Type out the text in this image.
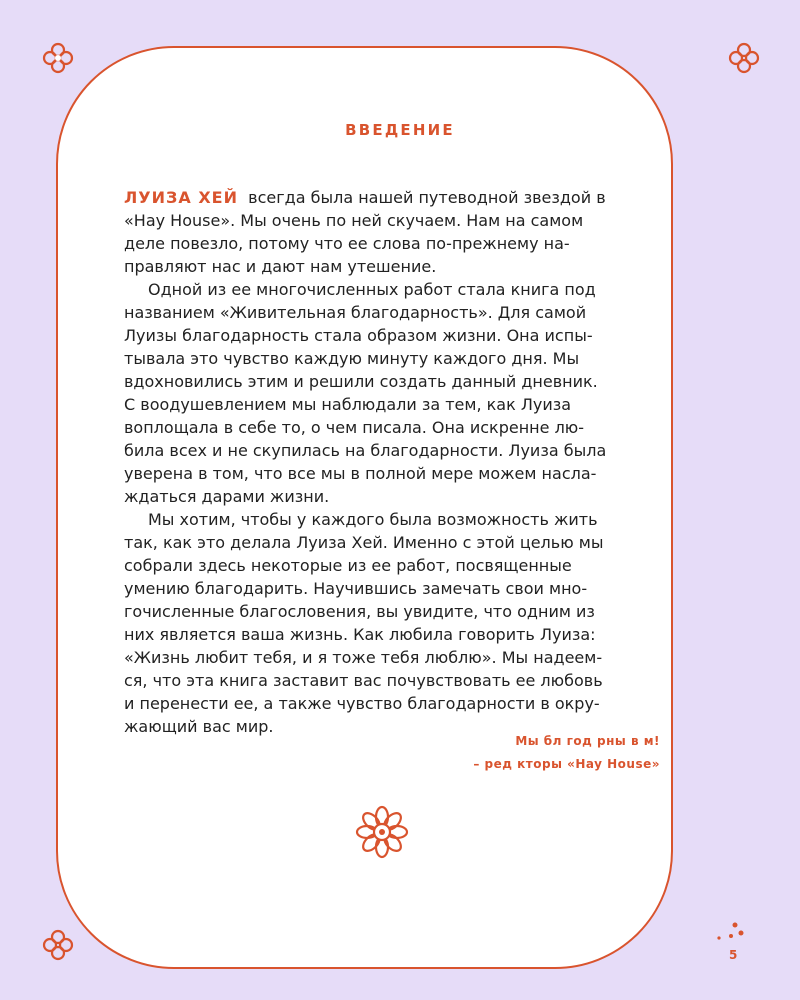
ВВЕДЕНИЕ
ЛУИЗА ХЕЙ всегда была нашей путеводной звездой в
«Hay House». Мы очень по ней скучаем. Нам на самом
деле повезло, потому что ее слова по-прежнему на-
правляют нас и дают нам утешение.
Одной из ее многочисленных работ стала книга под
названием «Живительная благодарность». Для самой
Луизы благодарность стала образом жизни. Она испы-
тывала это чувство каждую минуту каждого дня. Мы
вдохновились этим и решили создать данный дневник.
С воодушевлением мы наблюдали за тем, как Луиза
воплощала в себе то, о чем писала. Она искренне лю-
била всех и не скупилась на благодарности. Луиза была
уверена в том, что все мы в полной мере можем насла-
ждаться дарами жизни.
Мы хотим, чтобы у каждого была возможность жить
так, как это делала Луиза Хей. Именно с этой целью мы
собрали здесь некоторые из ее работ, посвященные
умению благодарить. Научившись замечать свои мно-
гочисленные благословения, вы увидите, что одним из
них является ваша жизнь. Как любила говорить Луиза:
«Жизнь любит тебя, и я тоже тебя люблю». Мы надеем-
ся, что эта книга заставит вас почувствовать ее любовь
и перенести ее, а также чувство благодарности в окру-
жающий вас мир.
Мы бл год рны в м!
– ред кторы «Hay House»
5
